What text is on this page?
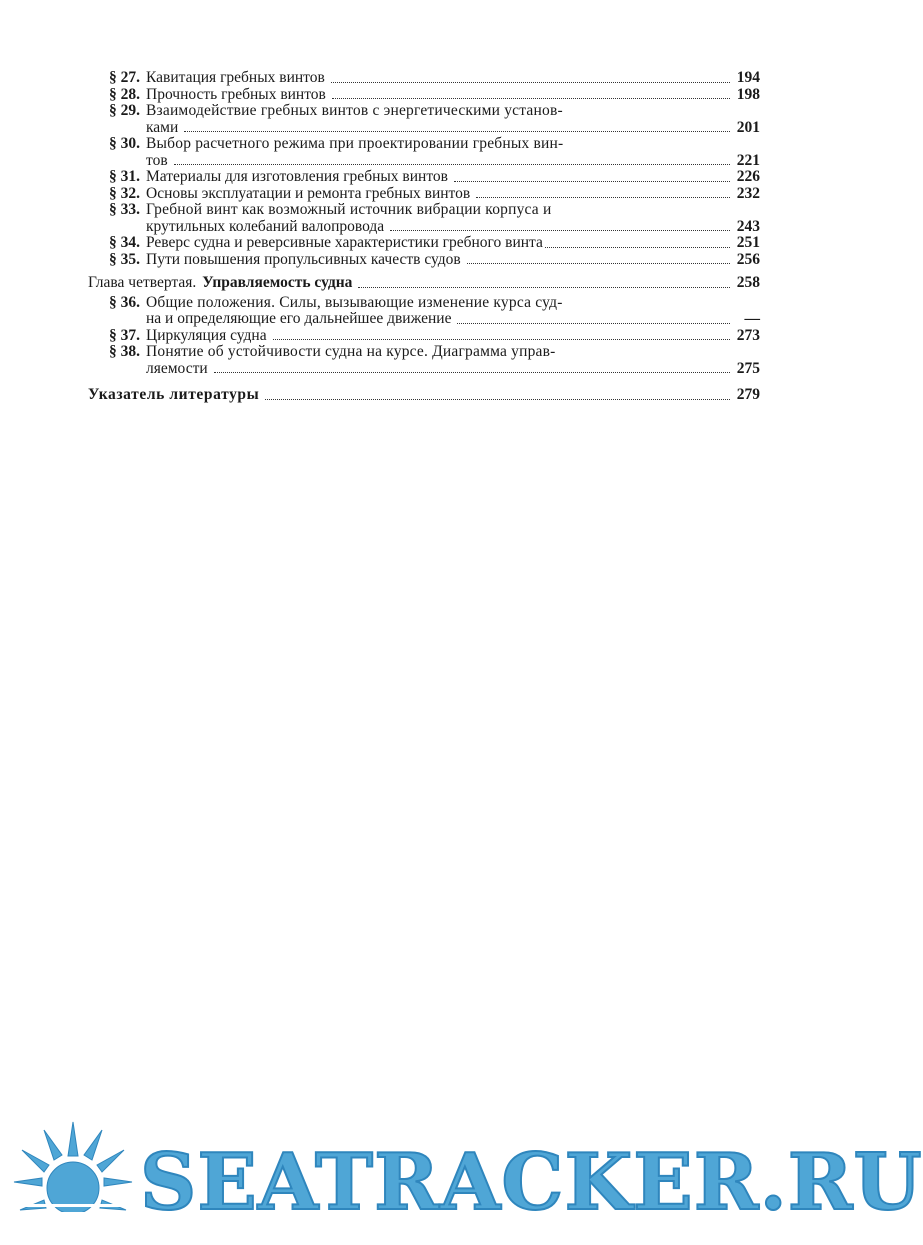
§ 27. Кавитация гребных винтов	194
§ 28. Прочность гребных винтов	198
§ 29. Взаимодействие гребных винтов с энергетическими установ-
ками	201
§ 30. Выбор расчетного режима при проектировании гребных вин-
тов	221
§ 31. Материалы для изготовления гребных винтов	226
§ 32. Основы эксплуатации и ремонта гребных винтов	232
§ 33. Гребной винт как возможный источник вибрации корпуса и
крутильных колебаний валопровода	243
§ 34. Реверс судна и реверсивные характеристики гребного винта	251
§ 35. Пути повышения пропульсивных качеств судов	256
Глава четвертая. Управляемость судна	258
§ 36. Общие положения. Силы, вызывающие изменение курса суд-
на и определяющие его дальнейшее движение	—
§ 37. Циркуляция судна	273
§ 38. Понятие об устойчивости судна на курсе. Диаграмма управ-
ляемости	275
Указатель литературы	279
SEATRACKER.RU
